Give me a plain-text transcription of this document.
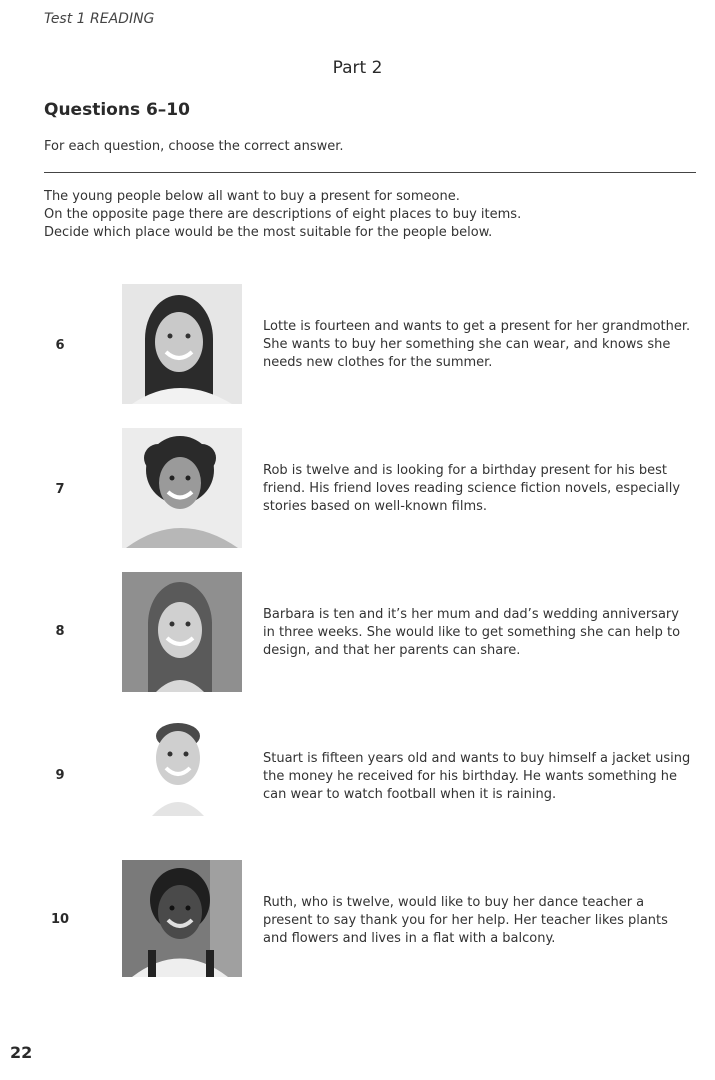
Test 1 READING
Part 2
Questions 6–10
For each question, choose the correct answer.

The young people below all want to buy a present for someone.

On the opposite page there are descriptions of eight places to buy items.

Decide which place would be the most suitable for the people below.

6
Lotte is fourteen and wants to get a present for her grandmother. She wants to buy her something she can wear, and knows she needs new clothes for the summer.
7
Rob is twelve and is looking for a birthday present for his best friend. His friend loves reading science fiction novels, especially stories based on well-known films.
8
Barbara is ten and it’s her mum and dad’s wedding anniversary in three weeks. She would like to get something she can help to design, and that her parents can share.
9
Stuart is fifteen years old and wants to buy himself a jacket using the money he received for his birthday. He wants something he can wear to watch football when it is raining.
10
Ruth, who is twelve, would like to buy her dance teacher a present to say thank you for her help. Her teacher likes plants and flowers and lives in a flat with a balcony.
22
